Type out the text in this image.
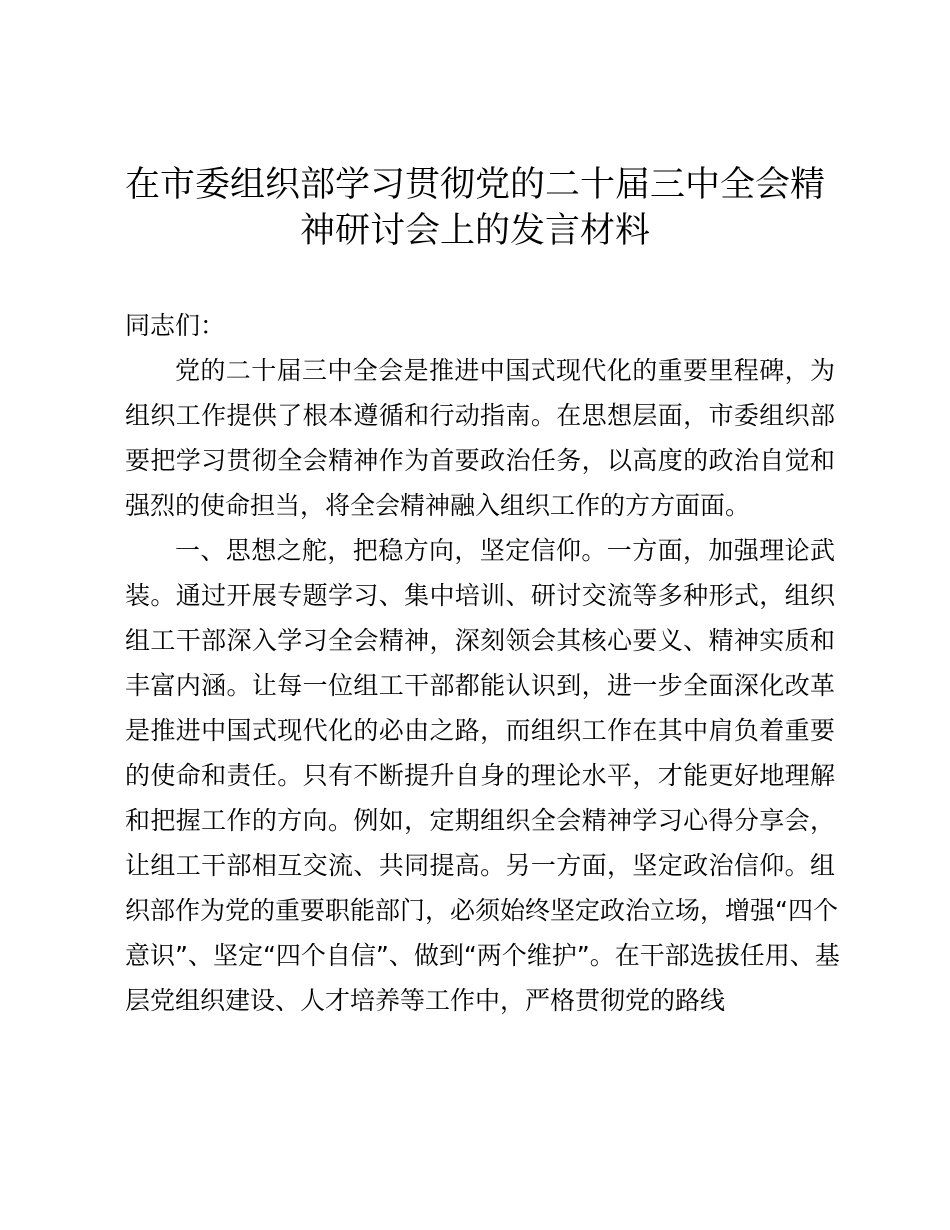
在市委组织部学习贯彻党的二十届三中全会精
神研讨会上的发言材料
同志们：
党的二十届三中全会是推进中国式现代化的重要里程碑，为
组织工作提供了根本遵循和行动指南。在思想层面，市委组织部
要把学习贯彻全会精神作为首要政治任务，以高度的政治自觉和
强烈的使命担当，将全会精神融入组织工作的方方面面。
一、思想之舵，把稳方向，坚定信仰。一方面，加强理论武
装。通过开展专题学习、集中培训、研讨交流等多种形式，组织
组工干部深入学习全会精神，深刻领会其核心要义、精神实质和
丰富内涵。让每一位组工干部都能认识到，进一步全面深化改革
是推进中国式现代化的必由之路，而组织工作在其中肩负着重要
的使命和责任。只有不断提升自身的理论水平，才能更好地理解
和把握工作的方向。例如，定期组织全会精神学习心得分享会，
让组工干部相互交流、共同提高。另一方面，坚定政治信仰。组
织部作为党的重要职能部门，必须始终坚定政治立场，增强“四个
意识”、坚定“四个自信”、做到“两个维护”。在干部选拔任用、基
层党组织建设、人才培养等工作中，严格贯彻党的路线
